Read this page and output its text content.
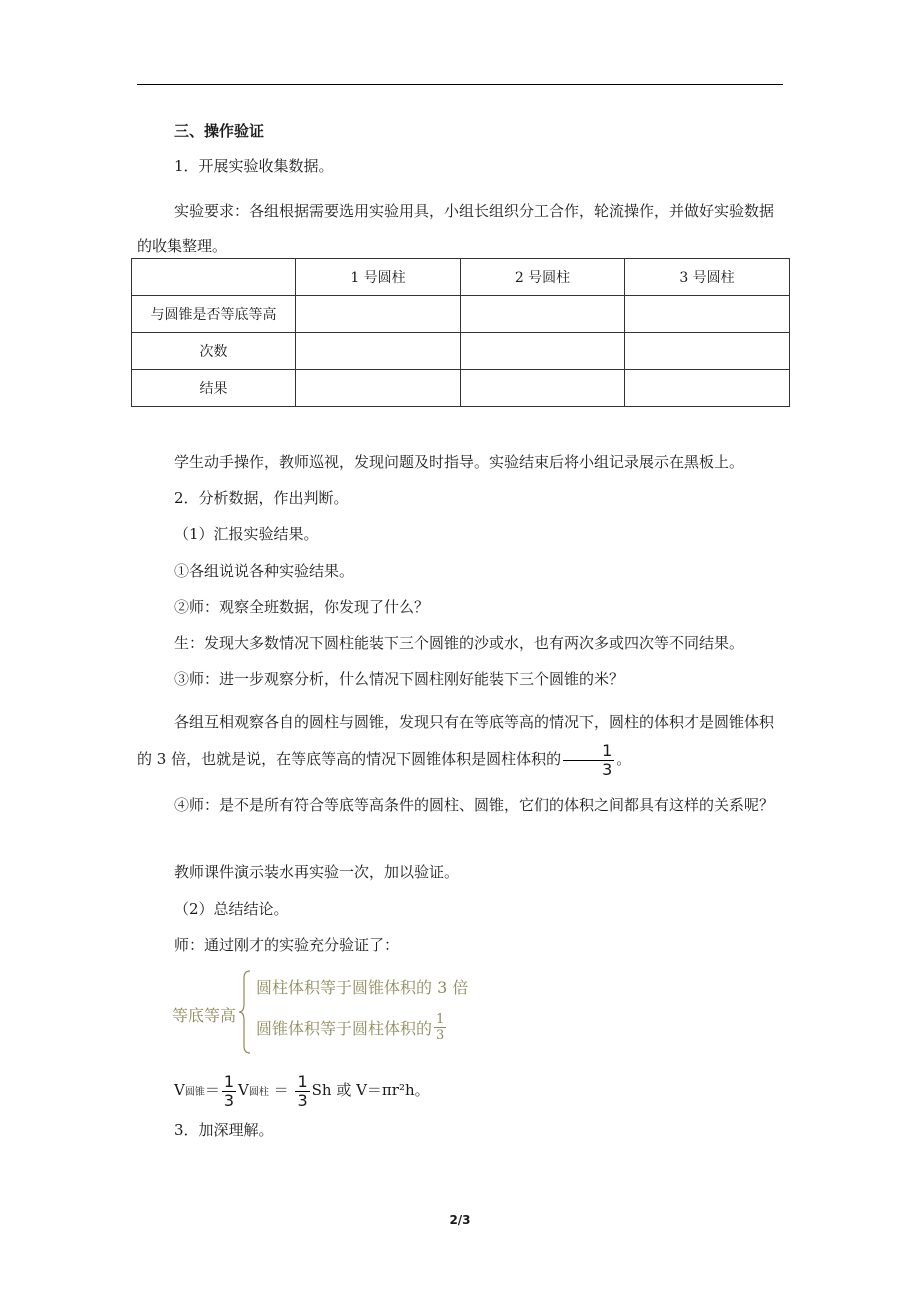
三、操作验证
1．开展实验收集数据。
实验要求：各组根据需要选用实验用具，小组长组织分工合作，轮流操作，并做好实验数据的收集整理。
	1 号圆柱	2 号圆柱	3 号圆柱
与圆锥是否等底等高			
次数			
结果			
学生动手操作，教师巡视，发现问题及时指导。实验结束后将小组记录展示在黑板上。
2．分析数据，作出判断。
（1）汇报实验结果。
①各组说说各种实验结果。
②师：观察全班数据，你发现了什么？
生：发现大多数情况下圆柱能装下三个圆锥的沙或水，也有两次多或四次等不同结果。
③师：进一步观察分析，什么情况下圆柱刚好能装下三个圆锥的米？
各组互相观察各自的圆柱与圆锥，发现只有在等底等高的情况下，圆柱的体积才是圆锥体积的 3 倍，也就是说，在等底等高的情况下圆锥体积是圆柱体积的 $\frac{1}{3}$ 。
④师：是不是所有符合等底等高条件的圆柱、圆锥，它们的体积之间都具有这样的关系呢？
教师课件演示装水再实验一次，加以验证。
（2）总结结论。
师：通过刚才的实验充分验证了：
等底等高
圆柱体积等于圆锥体积的 3 倍
圆锥体积等于圆柱体积的 $\frac{1}{3}$
V圆锥＝ $\frac{1}{3}$ V圆柱 ＝ $\frac{1}{3}$ Sh 或 V＝πr²h。
3．加深理解。
2/3
